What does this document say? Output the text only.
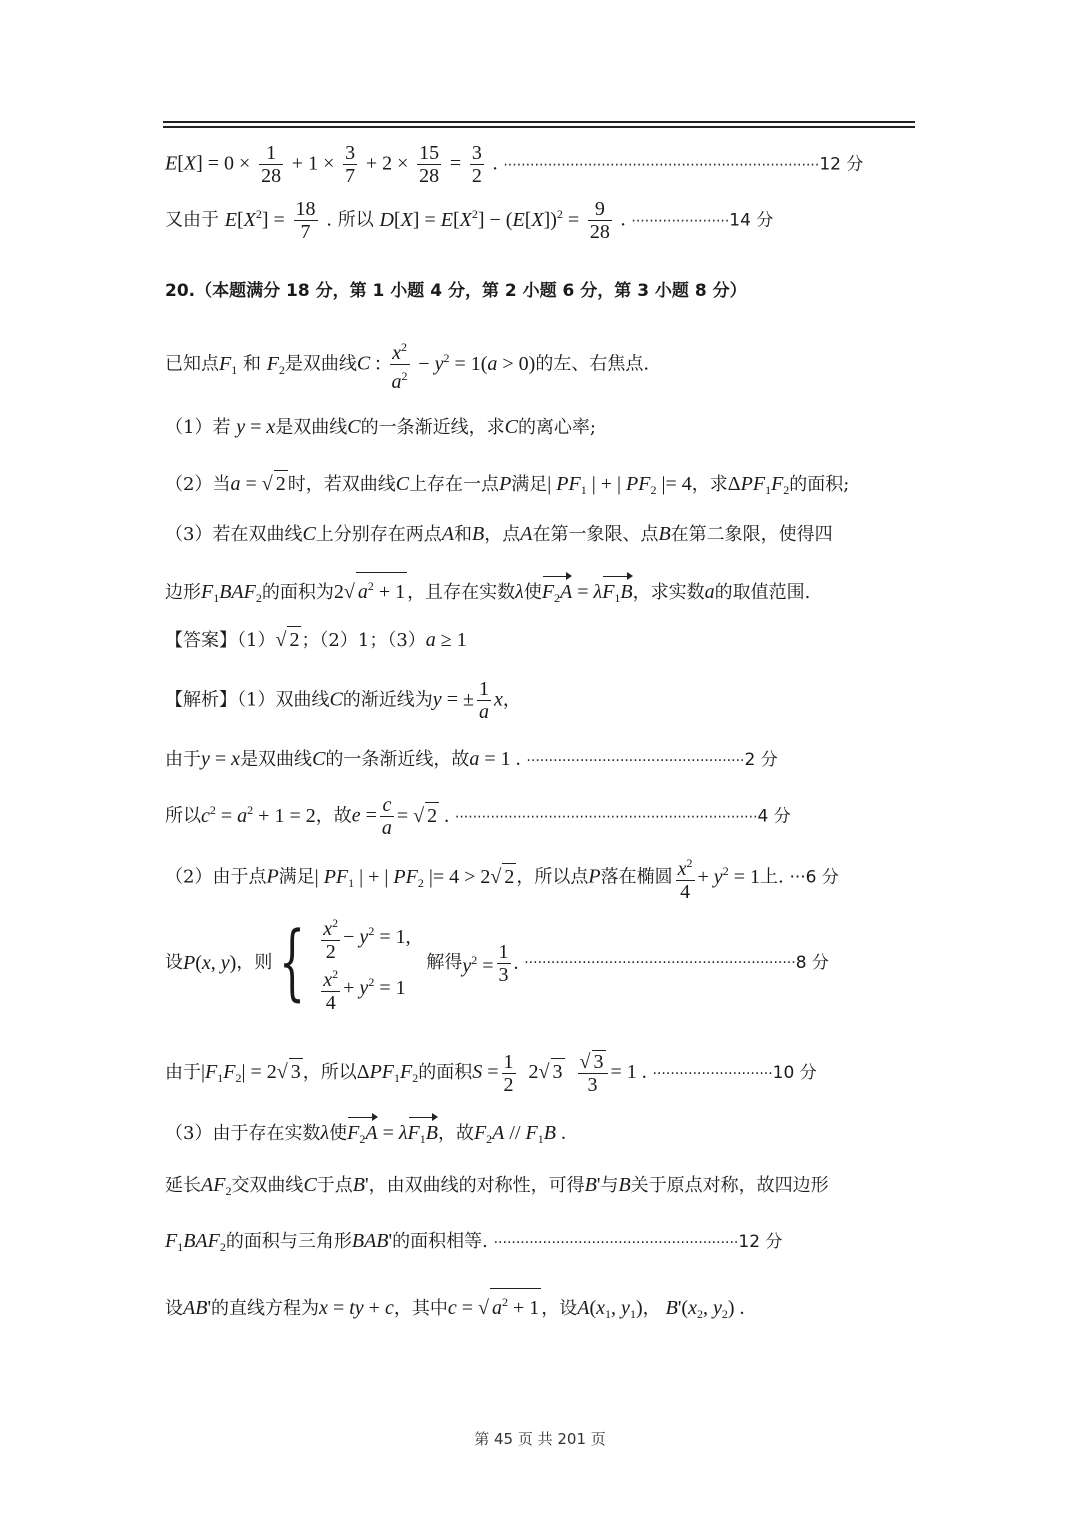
$E[X] = 0 \times \frac{1}{28} + 1 \times \frac{3}{7} + 2 \times \frac{15}{28} = \frac{3}{2}$ . ·······································································12 分
又由于 $E[X^2] = \frac{18}{7}$ . 所以 $D[X] = E[X^2] - (E[X])^2 = \frac{9}{28}$ . ······················14 分
20.（本题满分 18 分，第 1 小题 4 分，第 2 小题 6 分，第 3 小题 8 分）
已知点$F_1$ 和 $F_2$是双曲线C : $\frac{x^2}{a^2} - y^2 = 1(a > 0)$的左、右焦点.
（1）若 y = x是双曲线C的一条渐近线，求C的离心率;
（2）当a = √ 2 时，若双曲线C上存在一点P满足| $PF_1$ | + | $PF_2$ |= 4，求$\Delta PF_1F_2$的面积;
（3）若在双曲线C上分别存在两点A和B，点A在第一象限、点B在第二象限，使得四
边形$F_1BAF_2$的面积为2√ $a^2 + 1$ ，且存在实数λ使$F_2A = \lambda F_1B$，求实数a的取值范围.
【答案】（1）√ 2 ；（2）1；（3）a ≥ 1
【解析】（1）双曲线C的渐近线为y = ± $\frac{1}{a}$ x，
由于y = x是双曲线C的一条渐近线，故a = 1 . ·················································2 分
所以$c^2 = a^2 + 1 = 2$，故$e = \frac{c}{a}$ = √ 2 . ····································································4 分
（2）由于点P满足| $PF_1$ | + | $PF_2$ |= 4 > 2√ 2 ，所以点P落在椭圆 $\frac{x^2}{4} + y^2 = 1$上. ···6 分
设P(x, y)，则{ $\frac{x^2}{2} - y^2 = 1$,
$\frac{x^2}{4} + y^2 = 1$
解得$y^2 = \frac{1}{3}$ . ·····························································8 分
由于$|F_1F_2| = 2√$ 3 ，所以$\Delta PF_1F_2$的面积$S = \frac{1}{2} 2√$ $3 \frac{√ 3}{3} = 1$ . ···························10 分
（3）由于存在实数λ使$F_2A = \lambda F_1B$，故$F_2A // F_1B$ .
延长$AF_2$交双曲线C于点B'，由双曲线的对称性，可得B'与B关于原点对称，故四边形
$F_1BAF_2$的面积与三角形BAB'的面积相等. ·······················································12 分
设AB'的直线方程为x = ty + c，其中c = √ $a^2 + 1$ ，设$A(x_1$, $y_1$)， $B'(x_2$, $y_2$) .
第 45 页 共 201 页
